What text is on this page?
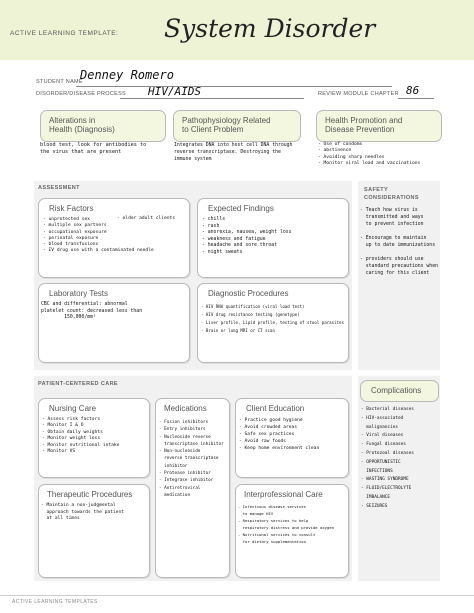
ACTIVE LEARNING TEMPLATE: System Disorder
STUDENT NAME
Denney Romero
DISORDER/DISEASE PROCESS HIV/AIDS	REVIEW MODULE CHAPTER 86
Alterations in
Health (Diagnosis)
blood test, look for antibodies to
the virus that are present
Pathophysiology Related
to Client Problem
Integrates DNA into host cell DNA through
reverse transcriptase. Destroying the
immune system
Health Promotion and
Disease Prevention
- Use of condoms
- abstinence
- Avoiding sharp needles
- Monitor viral load and vaccinations
ASSESSMENT
Risk Factors
- unprotected sex
- multiple sex partners
- occupational exposure
- perinatal exposure
- blood transfusions
- IV drug use with a contaminated needle
- older adult clients
Expected Findings
- chills
- rash
- anorexia, nausea, weight loss
- weakness and fatigue
- headache and sore throat
- night sweats
Laboratory Tests
CBC and differential: abnormal
platelet count: decreased less than
150,000/mm³
Diagnostic Procedures
- HIV RNA quantification (viral load test)
- HIV drug resistance testing (genotype)
- Liver profile, Lipid profile, testing of stool parasites
- Brain or lung MRI or CT scan
SAFETY
CONSIDERATIONS
- Teach how virus is
transmitted and ways
to prevent infection

- Encourage to maintain
up to date immunizations

- providers should use
standard precautions when
caring for this client
PATIENT-CENTERED CARE
Nursing Care
- Assess risk factors
- Monitor I & O
- Obtain daily weights
- Monitor weight loss
- Monitor nutritional intake
- Monitor VS
Medications
- Fusion inhibitors
- Entry inhibitors
- Nucleoside reverse
transcriptase inhibitor
- Non-nucleoside
reverse transcriptase
inhibitor
- Protease inhibitor
- Integrase inhibitor
- Antiretroviral
medication
Client Education
- Practice good hygiene
- Avoid crowded areas
- Safe sex practices
- Avoid raw foods
- Keep home environment clean
Therapeutic Procedures
- Maintain a non-judgmental
approach towards the patient
at all times
Interprofessional Care
- Infectious disease services
to manage HIV
- Respiratory services to help
respiratory distress and provide oxygen
- Nutritional services to consult
for dietary supplementation
Complications
- Bacterial diseases
- HIV-associated
malignancies
- Viral diseases
- Fungal diseases
- Protozoal diseases
- OPPORTUNISTIC
INFECTIONS
- WASTING SYNDROME
- FLUID/ELECTROLYTE
IMBALANCE
- SEIZURES
ACTIVE LEARNING TEMPLATES
